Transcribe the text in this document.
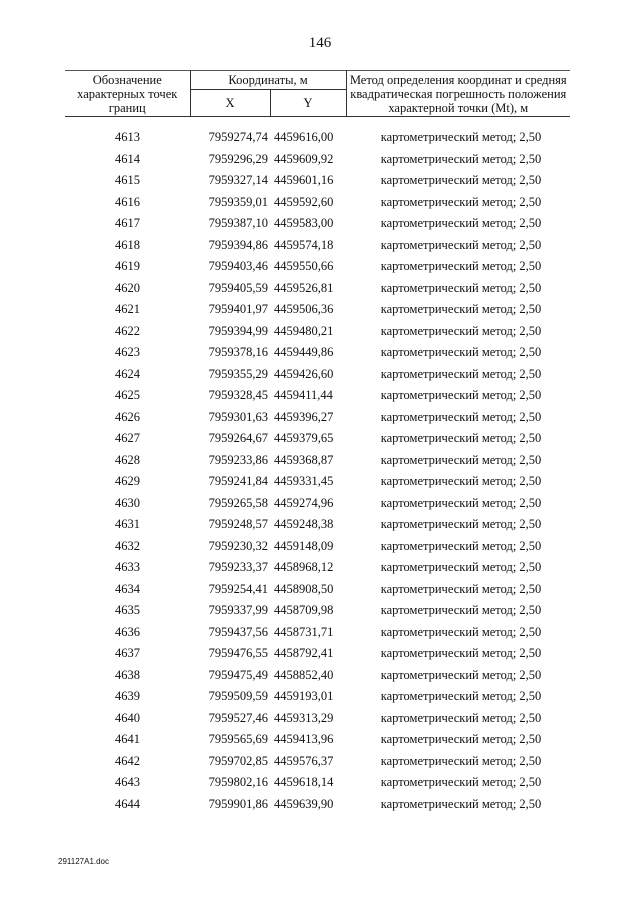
146
Обозначение характерных точек границ	Координаты, м		Метод определения координат и средняя квадратическая погрешность положения характерной точки (Mt), м
	X	Y	

4613	7959274,74	4459616,00	картометрический метод; 2,50
4614	7959296,29	4459609,92	картометрический метод; 2,50
4615	7959327,14	4459601,16	картометрический метод; 2,50
4616	7959359,01	4459592,60	картометрический метод; 2,50
4617	7959387,10	4459583,00	картометрический метод; 2,50
4618	7959394,86	4459574,18	картометрический метод; 2,50
4619	7959403,46	4459550,66	картометрический метод; 2,50
4620	7959405,59	4459526,81	картометрический метод; 2,50
4621	7959401,97	4459506,36	картометрический метод; 2,50
4622	7959394,99	4459480,21	картометрический метод; 2,50
4623	7959378,16	4459449,86	картометрический метод; 2,50
4624	7959355,29	4459426,60	картометрический метод; 2,50
4625	7959328,45	4459411,44	картометрический метод; 2,50
4626	7959301,63	4459396,27	картометрический метод; 2,50
4627	7959264,67	4459379,65	картометрический метод; 2,50
4628	7959233,86	4459368,87	картометрический метод; 2,50
4629	7959241,84	4459331,45	картометрический метод; 2,50
4630	7959265,58	4459274,96	картометрический метод; 2,50
4631	7959248,57	4459248,38	картометрический метод; 2,50
4632	7959230,32	4459148,09	картометрический метод; 2,50
4633	7959233,37	4458968,12	картометрический метод; 2,50
4634	7959254,41	4458908,50	картометрический метод; 2,50
4635	7959337,99	4458709,98	картометрический метод; 2,50
4636	7959437,56	4458731,71	картометрический метод; 2,50
4637	7959476,55	4458792,41	картометрический метод; 2,50
4638	7959475,49	4458852,40	картометрический метод; 2,50
4639	7959509,59	4459193,01	картометрический метод; 2,50
4640	7959527,46	4459313,29	картометрический метод; 2,50
4641	7959565,69	4459413,96	картометрический метод; 2,50
4642	7959702,85	4459576,37	картометрический метод; 2,50
4643	7959802,16	4459618,14	картометрический метод; 2,50
4644	7959901,86	4459639,90	картометрический метод; 2,50
291127A1.doc
